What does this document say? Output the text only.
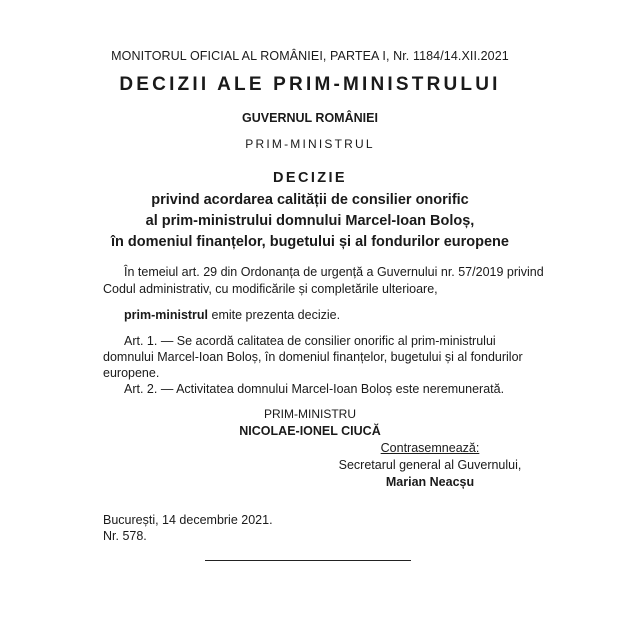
MONITORUL OFICIAL AL ROMÂNIEI, PARTEA I, Nr. 1184/14.XII.2021
DECIZII ALE PRIM-MINISTRULUI
GUVERNUL ROMÂNIEI
PRIM-MINISTRUL
DECIZIE
privind acordarea calității de consilier onorific
al prim-ministrului domnului Marcel-Ioan Boloș,
în domeniul finanțelor, bugetului și al fondurilor europene
În temeiul art. 29 din Ordonanța de urgență a Guvernului nr. 57/2019 privind
Codul administrativ, cu modificările și completările ulterioare,
prim-ministrul emite prezenta decizie.
Art. 1. — Se acordă calitatea de consilier onorific al prim-ministrului
domnului Marcel-Ioan Boloș, în domeniul finanțelor, bugetului și al fondurilor
europene.
Art. 2. — Activitatea domnului Marcel-Ioan Boloș este neremunerată.
PRIM-MINISTRU
NICOLAE-IONEL CIUCĂ
Contrasemnează:
Secretarul general al Guvernului,
Marian Neacșu
București, 14 decembrie 2021.
Nr. 578.
